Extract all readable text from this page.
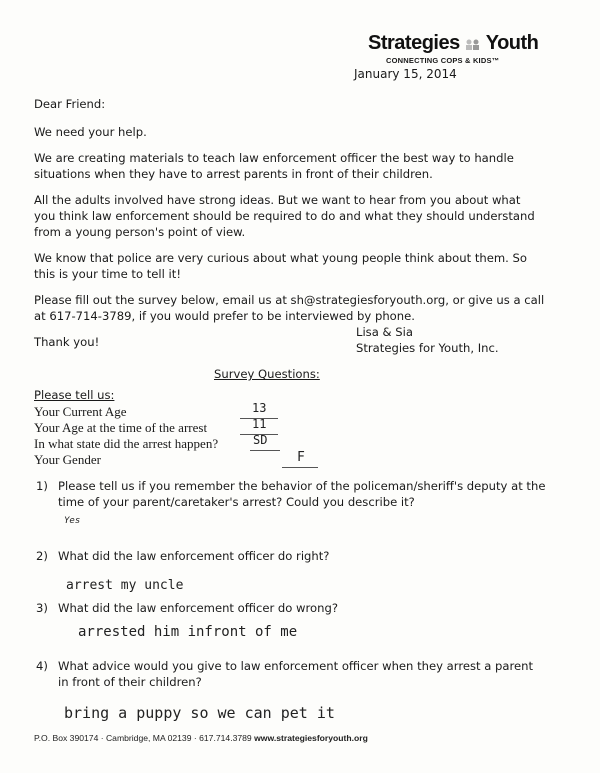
Strategies Youth
CONNECTING COPS & KIDS™
January 15, 2014
Dear Friend:
We need your help.
We are creating materials to teach law enforcement officer the best way to handle
situations when they have to arrest parents in front of their children.
All the adults involved have strong ideas. But we want to hear from you about what
you think law enforcement should be required to do and what they should understand
from a young person's point of view.
We know that police are very curious about what young people think about them. So
this is your time to tell it!
Please fill out the survey below, email us at sh@strategiesforyouth.org, or give us a call
at 617-714-3789, if you would prefer to be interviewed by phone.
Thank you!
Lisa & Sia
Strategies for Youth, Inc.
Survey Questions:
Please tell us:
Your Current Age	13
Your Age at the time of the arrest	11
In what state did the arrest happen?	SD
Your Gender	F
1) Please tell us if you remember the behavior of the policeman/sheriff's deputy at the
time of your parent/caretaker's arrest? Could you describe it?
Yes
2) What did the law enforcement officer do right?
arrest my uncle
3) What did the law enforcement officer do wrong?
arrested him infront of me
4) What advice would you give to law enforcement officer when they arrest a parent
in front of their children?
bring a puppy so we can pet it
P.O. Box 390174 · Cambridge, MA 02139 · 617.714.3789 www.strategiesforyouth.org
